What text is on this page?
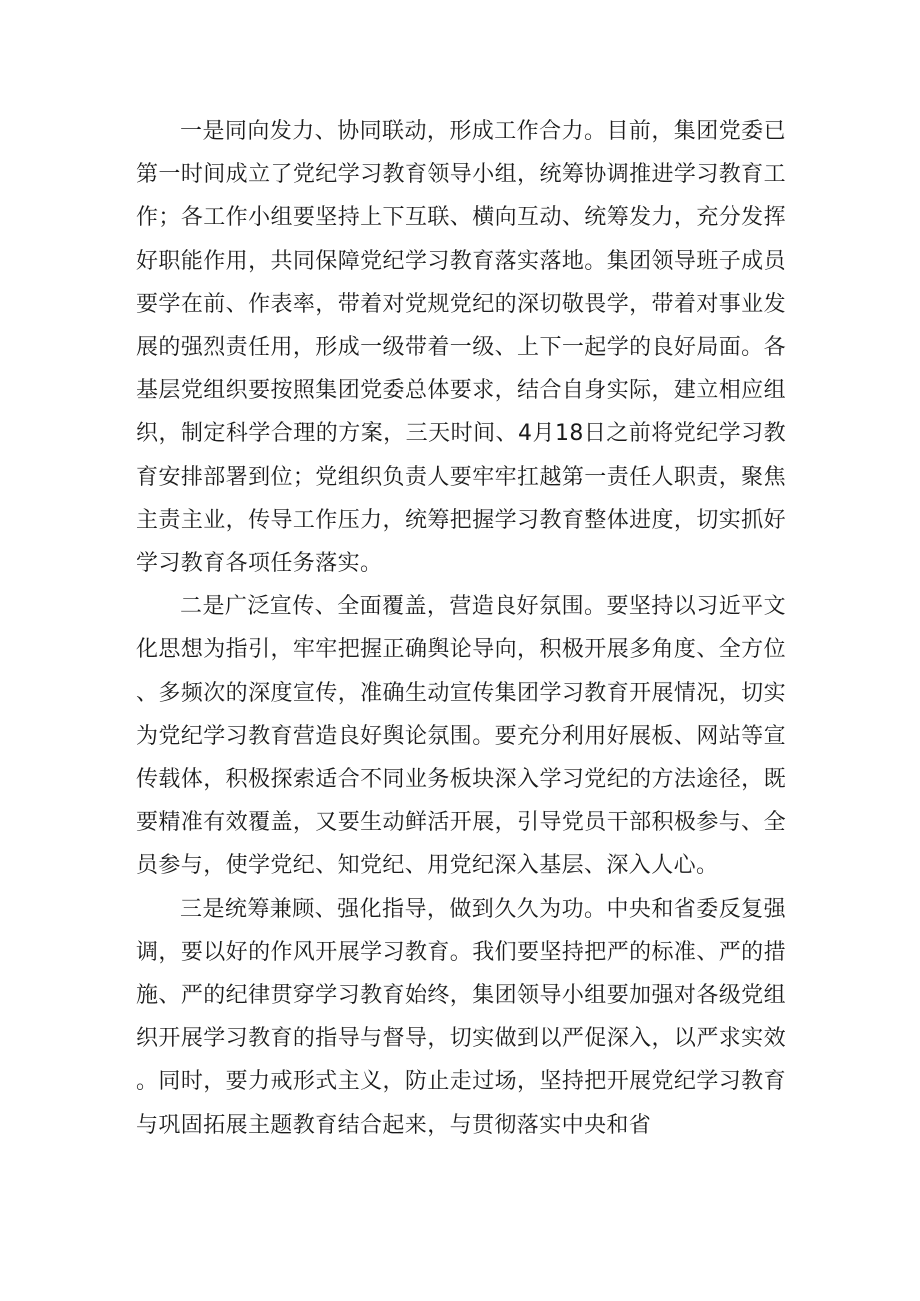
一是同向发力、协同联动，形成工作合力。目前，集团党委已第一时间成立了党纪学习教育领导小组，统筹协调推进学习教育工作；各工作小组要坚持上下互联、横向互动、统筹发力，充分发挥好职能作用，共同保障党纪学习教育落实落地。集团领导班子成员要学在前、作表率，带着对党规党纪的深切敬畏学，带着对事业发展的强烈责任用，形成一级带着一级、上下一起学的良好局面。各基层党组织要按照集团党委总体要求，结合自身实际，建立相应组织，制定科学合理的方案，三天时间、4月18日之前将党纪学习教育安排部署到位；党组织负责人要牢牢扛越第一责任人职责，聚焦主责主业，传导工作压力，统筹把握学习教育整体进度，切实抓好学习教育各项任务落实。

二是广泛宣传、全面覆盖，营造良好氛围。要坚持以习近平文化思想为指引，牢牢把握正确舆论导向，积极开展多角度、全方位、多频次的深度宣传，准确生动宣传集团学习教育开展情况，切实为党纪学习教育营造良好舆论氛围。要充分利用好展板、网站等宣传载体，积极探索适合不同业务板块深入学习党纪的方法途径，既要精准有效覆盖，又要生动鲜活开展，引导党员干部积极参与、全员参与，使学党纪、知党纪、用党纪深入基层、深入人心。

三是统筹兼顾、强化指导，做到久久为功。中央和省委反复强调，要以好的作风开展学习教育。我们要坚持把严的标准、严的措施、严的纪律贯穿学习教育始终，集团领导小组要加强对各级党组织开展学习教育的指导与督导，切实做到以严促深入，以严求实效。同时，要力戒形式主义，防止走过场，坚持把开展党纪学习教育与巩固拓展主题教育结合起来，与贯彻落实中央和省
